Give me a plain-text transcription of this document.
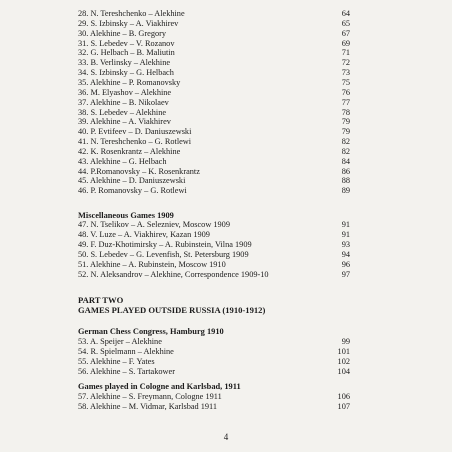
28. N. Tereshchenko – Alekhine	64
29. S. Izbinsky – A. Viakhirev	65
30. Alekhine – B. Gregory	67
31. S. Lebedev – V. Rozanov	69
32. G. Helbach – B. Maliutin	71
33. B. Verlinsky – Alekhine	72
34. S. Izbinsky – G. Helbach	73
35. Alekhine – P. Romanovsky	75
36. M. Elyashov – Alekhine	76
37. Alekhine – B. Nikolaev	77
38. S. Lebedev – Alekhine	78
39. Alekhine – A. Viakhirev	79
40. P. Evtifeev – D. Daniuszewski	79
41. N. Tereshchenko – G. Rotlewi	82
42. K. Rosenkrantz – Alekhine	82
43. Alekhine – G. Helbach	84
44. P.Romanovsky – K. Rosenkrantz	86
45. Alekhine – D. Daniuszewski	88
46. P. Romanovsky – G. Rotlewi	89
Miscellaneous Games 1909
47. N. Tselikov – A. Selezniev, Moscow 1909	91
48. V. Luze – A. Viakhirev, Kazan 1909	91
49. F. Duz-Khotimirsky – A. Rubinstein, Vilna 1909	93
50. S. Lebedev – G. Levenfish, St. Petersburg 1909	94
51. Alekhine – A. Rubinstein, Moscow 1910	96
52. N. Aleksandrov – Alekhine, Correspondence 1909-10	97
PART TWO
GAMES PLAYED OUTSIDE RUSSIA (1910-1912)
German Chess Congress, Hamburg 1910
53. A. Speijer – Alekhine	99
54. R. Spielmann – Alekhine	101
55. Alekhine – F. Yates	102
56. Alekhine – S. Tartakower	104
Games played in Cologne and Karlsbad, 1911
57. Alekhine – S. Freymann, Cologne 1911	106
58. Alekhine – M. Vidmar, Karlsbad 1911	107
4
